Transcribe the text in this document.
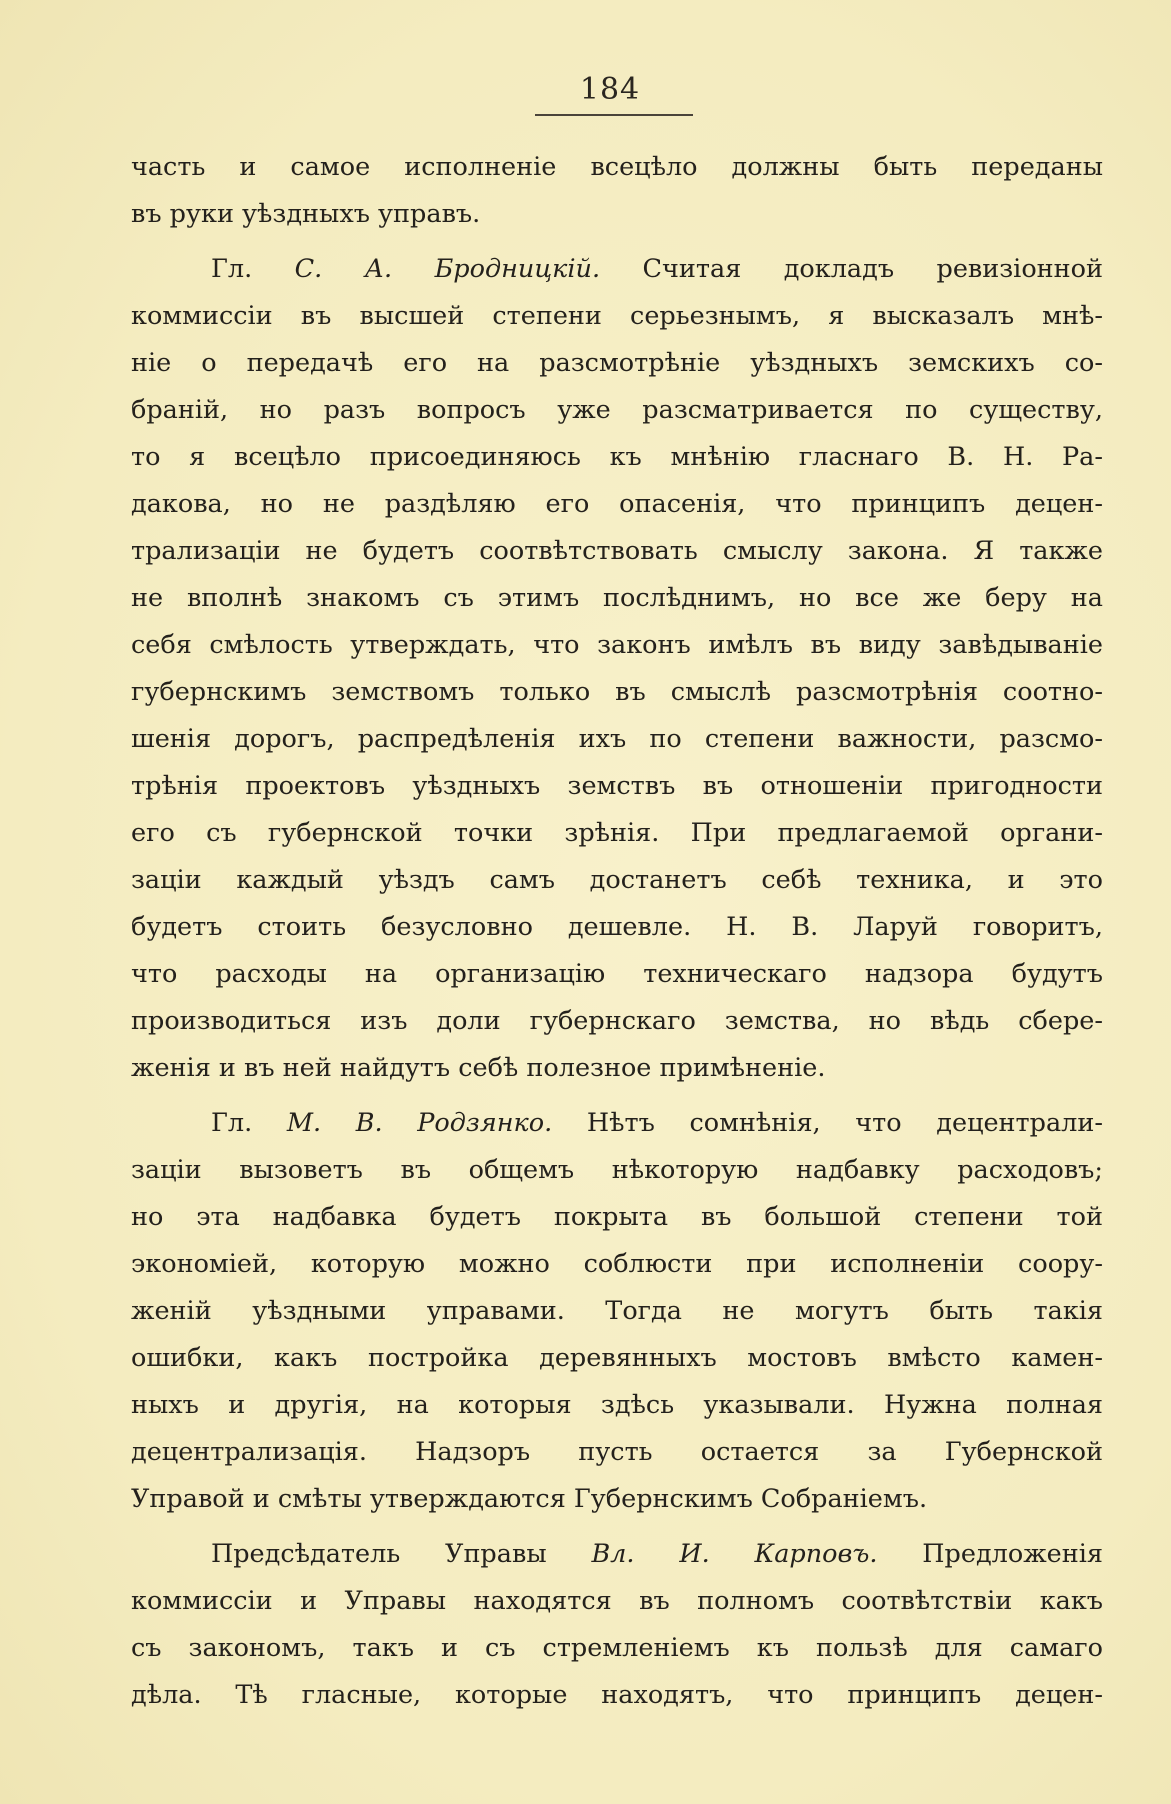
184
часть и самое исполненіе всецѣло должны быть переданы
въ руки уѣздныхъ управъ.
Гл. С. А. Бродницкій. Считая докладъ ревизіонной
коммиссіи въ высшей степени серьезнымъ, я высказалъ мнѣ-
ніе о передачѣ его на разсмотрѣніе уѣздныхъ земскихъ со-
браній, но разъ вопросъ уже разсматривается по существу,
то я всецѣло присоединяюсь къ мнѣнію гласнаго В. Н. Ра-
дакова, но не раздѣляю его опасенія, что принципъ децен-
трализаціи не будетъ соотвѣтствовать смыслу закона. Я также
не вполнѣ знакомъ съ этимъ послѣднимъ, но все же беру на
себя смѣлость утверждать, что законъ имѣлъ въ виду завѣдываніе
губернскимъ земствомъ только въ смыслѣ разсмотрѣнія соотно-
шенія дорогъ, распредѣленія ихъ по степени важности, разсмо-
трѣнія проектовъ уѣздныхъ земствъ въ отношеніи пригодности
его съ губернской точки зрѣнія. При предлагаемой органи-
заціи каждый уѣздъ самъ достанетъ себѣ техника, и это
будетъ стоить безусловно дешевле. Н. В. Ларуй говоритъ,
что расходы на организацію техническаго надзора будутъ
производиться изъ доли губернскаго земства, но вѣдь сбере-
женія и въ ней найдутъ себѣ полезное примѣненіе.
Гл. М. В. Родзянко. Нѣтъ сомнѣнія, что децентрали-
заціи вызоветъ въ общемъ нѣкоторую надбавку расходовъ;
но эта надбавка будетъ покрыта въ большой степени той
экономіей, которую можно соблюсти при исполненіи соору-
женій уѣздными управами. Тогда не могутъ быть такія
ошибки, какъ постройка деревянныхъ мостовъ вмѣсто камен-
ныхъ и другія, на которыя здѣсь указывали. Нужна полная
децентрализація. Надзоръ пусть остается за Губернской
Управой и смѣты утверждаются Губернскимъ Собраніемъ.
Предсѣдатель Управы Вл. И. Карповъ. Предложенія
коммиссіи и Управы находятся въ полномъ соотвѣтствіи какъ
съ закономъ, такъ и съ стремленіемъ къ пользѣ для самаго
дѣла. Тѣ гласные, которые находятъ, что принципъ децен-
